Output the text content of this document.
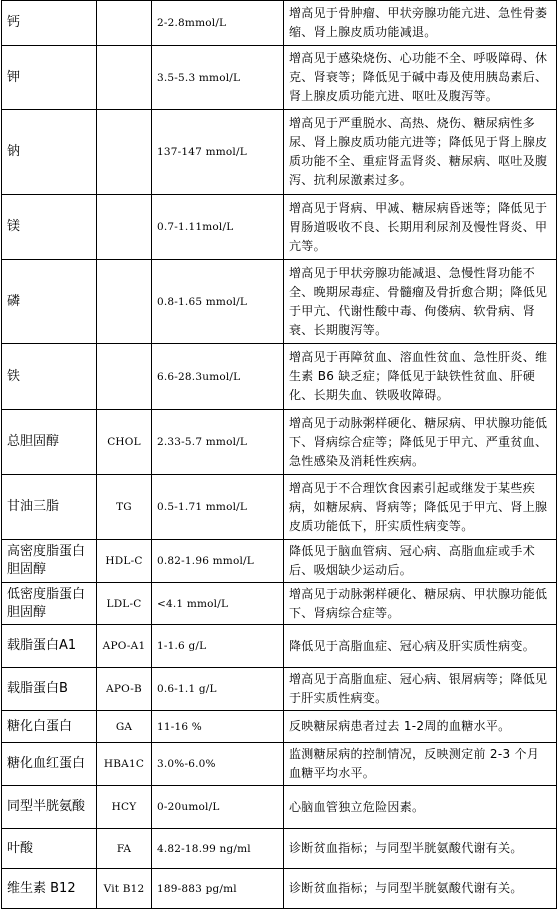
钙		2-2.8mmol/L	增高见于骨肿瘤、甲状旁腺功能亢进、急性骨萎缩、肾上腺皮质功能减退。
钾		3.5-5.3 mmol/L	增高见于感染烧伤、心功能不全、呼吸障碍、休克、肾衰等；降低见于碱中毒及使用胰岛素后、肾上腺皮质功能亢进、呕吐及腹泻等。
钠		137-147 mmol/L	增高见于严重脱水、高热、烧伤、糖尿病性多尿、肾上腺皮质功能亢进等；降低见于肾上腺皮质功能不全、重症肾盂肾炎、糖尿病、呕吐及腹泻、抗利尿激素过多。
镁		0.7-1.11mol/L	增高见于肾病、甲减、糖尿病昏迷等；降低见于胃肠道吸收不良、长期用利尿剂及慢性肾炎、甲亢等。
磷		0.8-1.65 mmol/L	增高见于甲状旁腺功能减退、急慢性肾功能不全、晚期尿毒症、骨髓瘤及骨折愈合期；降低见于甲亢、代谢性酸中毒、佝偻病、软骨病、肾衰、长期腹泻等。
铁		6.6-28.3umol/L	增高见于再障贫血、溶血性贫血、急性肝炎、维生素 B6 缺乏症；降低见于缺铁性贫血、肝硬化、长期失血、铁吸收障碍。
总胆固醇	CHOL	2.33-5.7 mmol/L	增高见于动脉粥样硬化、糖尿病、甲状腺功能低下、肾病综合症等；降低见于甲亢、严重贫血、急性感染及消耗性疾病。
甘油三脂	TG	0.5-1.71 mmol/L	增高见于不合理饮食因素引起或继发于某些疾病，如糖尿病、肾病等；降低见于甲亢、肾上腺皮质功能低下，肝实质性病变等。
高密度脂蛋白胆固醇	HDL-C	0.82-1.96 mmol/L	降低见于脑血管病、冠心病、高脂血症或手术后、吸烟缺少运动后。
低密度脂蛋白胆固醇	LDL-C	<4.1 mmol/L	增高见于动脉粥样硬化、糖尿病、甲状腺功能低下、肾病综合症等。
载脂蛋白A1	APO-A1	1-1.6 g/L	降低见于高脂血症、冠心病及肝实质性病变。
载脂蛋白B	APO-B	0.6-1.1 g/L	增高见于高脂血症、冠心病、银屑病等；降低见于肝实质性病变。
糖化白蛋白	GA	11-16 %	反映糖尿病患者过去 1-2周的血糖水平。
糖化血红蛋白	HBA1C	3.0%-6.0%	监测糖尿病的控制情况，反映测定前 2-3 个月血糖平均水平。
同型半胱氨酸	HCY	0-20umol/L	心脑血管独立危险因素。
叶酸	FA	4.82-18.99 ng/ml	诊断贫血指标；与同型半胱氨酸代谢有关。
维生素 B12	Vit B12	189-883 pg/ml	诊断贫血指标；与同型半胱氨酸代谢有关。
